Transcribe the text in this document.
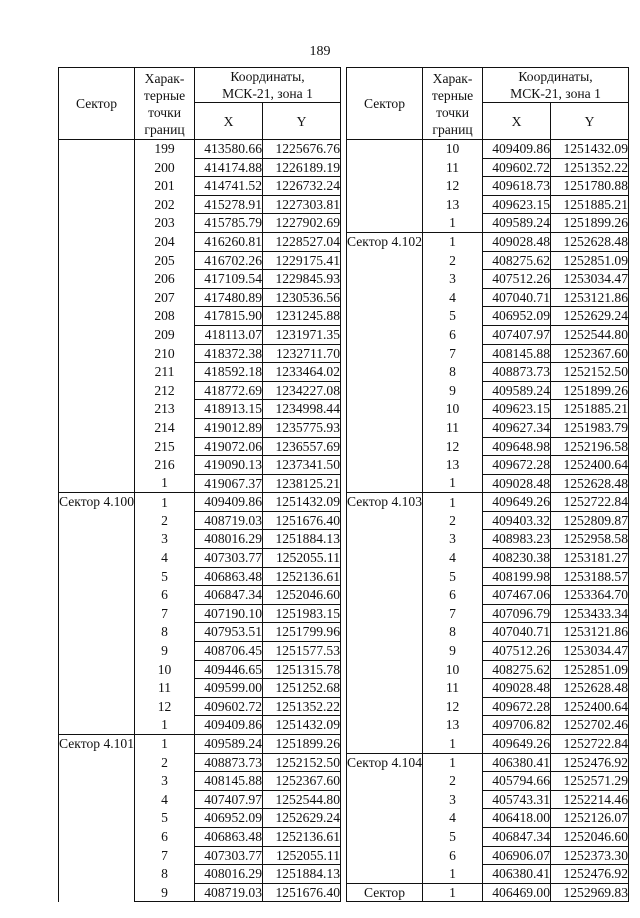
189
Сектор	Харак-
терные
точки
границ	Координаты,
МСК-21, зона 1	
		X	Y
	199	413580.66	1225676.76
	200	414174.88	1226189.19
	201	414741.52	1226732.24
	202	415278.91	1227303.81
	203	415785.79	1227902.69
	204	416260.81	1228527.04
	205	416702.26	1229175.41
	206	417109.54	1229845.93
	207	417480.89	1230536.56
	208	417815.90	1231245.88
	209	418113.07	1231971.35
	210	418372.38	1232711.70
	211	418592.18	1233464.02
	212	418772.69	1234227.08
	213	418913.15	1234998.44
	214	419012.89	1235775.93
	215	419072.06	1236557.69
	216	419090.13	1237341.50
	1	419067.37	1238125.21
Сектор 4.100	1	409409.86	1251432.09
	2	408719.03	1251676.40
	3	408016.29	1251884.13
	4	407303.77	1252055.11
	5	406863.48	1252136.61
	6	406847.34	1252046.60
	7	407190.10	1251983.15
	8	407953.51	1251799.96
	9	408706.45	1251577.53
	10	409446.65	1251315.78
	11	409599.00	1251252.68
	12	409602.72	1251352.22
	1	409409.86	1251432.09
Сектор 4.101	1	409589.24	1251899.26
	2	408873.73	1252152.50
	3	408145.88	1252367.60
	4	407407.97	1252544.80
	5	406952.09	1252629.24
	6	406863.48	1252136.61
	7	407303.77	1252055.11
	8	408016.29	1251884.13
	9	408719.03	1251676.40
Сектор	Харак-
терные
точки
границ	Координаты,
МСК-21, зона 1	
		X	Y
	10	409409.86	1251432.09
	11	409602.72	1251352.22
	12	409618.73	1251780.88
	13	409623.15	1251885.21
	1	409589.24	1251899.26
Сектор 4.102	1	409028.48	1252628.48
	2	408275.62	1252851.09
	3	407512.26	1253034.47
	4	407040.71	1253121.86
	5	406952.09	1252629.24
	6	407407.97	1252544.80
	7	408145.88	1252367.60
	8	408873.73	1252152.50
	9	409589.24	1251899.26
	10	409623.15	1251885.21
	11	409627.34	1251983.79
	12	409648.98	1252196.58
	13	409672.28	1252400.64
	1	409028.48	1252628.48
Сектор 4.103	1	409649.26	1252722.84
	2	409403.32	1252809.87
	3	408983.23	1252958.58
	4	408230.38	1253181.27
	5	408199.98	1253188.57
	6	407467.06	1253364.70
	7	407096.79	1253433.34
	8	407040.71	1253121.86
	9	407512.26	1253034.47
	10	408275.62	1252851.09
	11	409028.48	1252628.48
	12	409672.28	1252400.64
	13	409706.82	1252702.46
	1	409649.26	1252722.84
Сектор 4.104	1	406380.41	1252476.92
	2	405794.66	1252571.29
	3	405743.31	1252214.46
	4	406418.00	1252126.07
	5	406847.34	1252046.60
	6	406906.07	1252373.30
	1	406380.41	1252476.92
Сектор	1	406469.00	1252969.83
